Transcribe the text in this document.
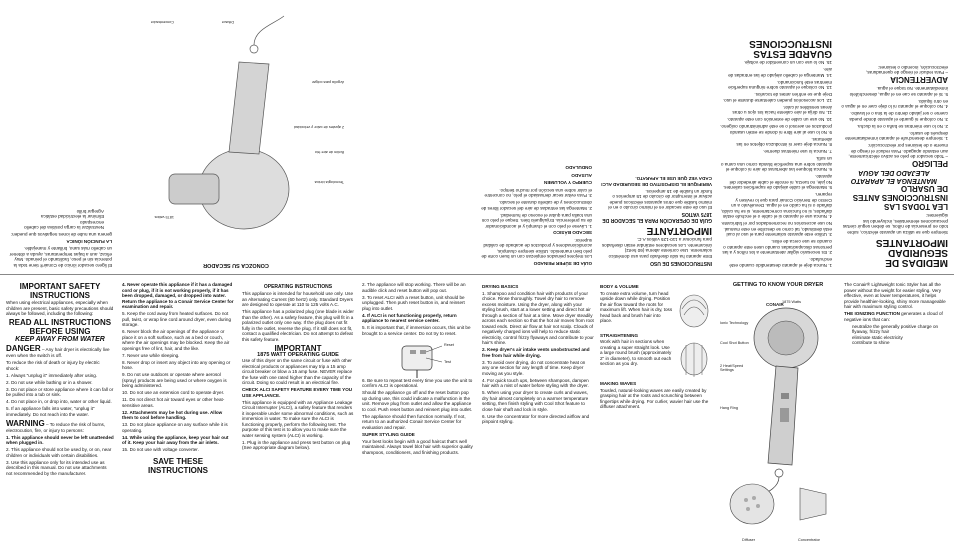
MEDIDAS DE SEGURIDAD IMPORTANTES

Siempre que se utiliza un aparato eléctrico, sobre todo en presencia de niños, se deben seguir ciertas precauciones elementales, incluyendo las siguientes:

LEA TODAS LAS INSTRUCCIONES ANTES DE USARLO
MANTENGA EL APARATO ALEJADO DEL AGUA
PELIGRO

– Todo secador de pelo es activo eléctricamente, aun estando apagado. Para reducir el riesgo de muerte o de lesiones por electrocución:

1. Siempre desenchufe el aparato inmediatamente después de usarlo.

2. No lo use mientras se baña o en la ducha.

3. No coloque ni guarde el aparato donde pueda caerse o ser jalado dentro de la tina o el lavabo.

4. No coloque el aparato ni lo deje caer en el agua o en otro líquido.

5. Si el aparato se cae en el agua, desenchúfelo inmediatamente. No toque el agua.

ADVERTENCIA

– Para reducir el riesgo de quemaduras, electrocución, incendio o lesiones:

1. Nunca deje el aparato desatendido cuando esté enchufado.

2. Es necesario vigilar atentamente a los niños y a las personas discapacitadas cuando usen este aparato o cuando se use cerca de ellos.

3. Utilice este aparato solamente para el uso al cual está destinado, tal como se describe en este manual. No use accesorios no recomendados por el fabricante.

4. Nunca use el aparato si el cable o el enchufe están dañados, si no funciona correctamente, si se ha caído, dañado o si ha caído en el agua. Devuélvalo a un Centro de Servicio Conair para que lo revisen y reparen.

5. Mantenga el cable alejado de superficies calientes. No jale, no tuerza, ni enrolle el cable alrededor del aparato.

6. Nunca bloquee las aberturas de aire ni coloque el aparato sobre una superficie blanda como una cama o un sofá.

7. Nunca lo use mientras duerme.

8. Nunca deje caer ni introduzca objetos en las aberturas.

9. No lo use al aire libre ni donde se estén usando productos en aerosol o se esté administrando oxígeno.

10. No use un cable de extensión con este aparato.

11. No dirija el aire caliente hacia los ojos u otras áreas sensibles al calor.

12. Los accesorios pueden calentarse durante el uso. Deje que se enfríen antes de tocarlos.

13. No coloque el aparato sobre ninguna superficie mientras esté funcionando.

14. Mantenga el cabello alejado de las entradas de aire.

15. No lo use con un convertidor de voltaje.

GUARDE ESTAS INSTRUCCIONES
INSTRUCCIONES DE USO

Este aparato ha sido diseñado para uso doméstico solamente. Use corriente alterna (60 hertz) únicamente. Los secadores estándar están diseñados para funcionar a 110-125 voltios A.C.

IMPORTANTE
GUÍA DE OPERACIÓN PARA EL SECADOR DE 1875 VATIOS

El uso de este secador en el mismo circuito o en el mismo fusible que otros aparatos eléctricos puede activar el interruptor de circuito de 15 amperios o fundir un fusible de 15 amperios.

VERIFIQUE EL DISPOSITIVO DE SEGURIDAD ALCI CADA VEZ QUE USE EL APARATO.

GUÍA DE SÚPER PEINADO

Los mejores peinados empiezan con un buen corte de pelo bien mantenido. Utilice siempre champús, acondicionadores y productos de acabado de calidad superior.

SECADO BÁSICO

1. Lávese el pelo con el champú y el acondicionador de su preferencia. Enjuáguelo bien. Seque el pelo con una toalla para quitar el exceso de humedad.

2. Mantenga las entradas de aire del secador libres de obstrucciones y de cabello durante el secado.

3. Para evitar secar demasiado el pelo, no concentre el calor sobre una sección por mucho tiempo.

CUERPO Y VOLUMEN
ALISADO
ONDULADO
CONOZCA SU SECADOR
1875 vatios
Tecnología iónica
Botón de aire frío
2 ajustes de calor y velocidad
Argolla para colgar
Difusor
Concentrador

El ligero secador iónico de Conair® tiene toda la potencia sin el peso, facilitando el peinado. Muy eficaz, aun a bajas temperaturas, ayuda a obtener un cabello más sano, brillante y manejable.

LA FUNCIÓN IÓNICA

genera una nube de iones negativos que pueden:

• Neutralizar la carga positiva del cabello encrespado
• Eliminar la electricidad estática
• Agregar brillo
IMPORTANT SAFETY INSTRUCTIONS

When using electrical appliances, especially when children are present, basic safety precautions should always be followed, including the following:

READ ALL INSTRUCTIONS BEFORE USING
KEEP AWAY FROM WATER

DANGER – Any hair dryer is electrically live even when the switch is off.

To reduce the risk of death or injury by electric shock:

1. Always "unplug it" immediately after using.

2. Do not use while bathing or in a shower.

3. Do not place or store appliance where it can fall or be pulled into a tub or sink.

4. Do not place in, or drop into, water or other liquid.

5. If an appliance falls into water, "unplug it" immediately. Do not reach into the water.

WARNING – To reduce the risk of burns, electrocution, fire, or injury to persons:

1. This appliance should never be left unattended when plugged in.

2. This appliance should not be used by, or on, near children or individuals with certain disabilities.

3. Use this appliance only for its intended use as described in this manual. Do not use attachments not recommended by the manufacturer.

4. Never operate this appliance if it has a damaged cord or plug, if it is not working properly, if it has been dropped, damaged, or dropped into water. Return the appliance to a Conair Service Center for examination and repair.

5. Keep the cord away from heated surfaces. Do not pull, twist, or wrap line cord around dryer, even during storage.

6. Never block the air openings of the appliance or place it on a soft surface, such as a bed or couch, where the air openings may be blocked. Keep the air openings free of lint, hair, and the like.

7. Never use while sleeping.

8. Never drop or insert any object into any opening or hose.

9. Do not use outdoors or operate where aerosol (spray) products are being used or where oxygen is being administered.

10. Do not use an extension cord to operate dryer.

11. Do not direct hot air toward eyes or other heat-sensitive areas.

12. Attachments may be hot during use. Allow them to cool before handling.

13. Do not place appliance on any surface while it is operating.

14. While using the appliance, keep your hair out of it. Keep your hair away from the air inlets.

15. Do not use with voltage converter.

SAVE THESE INSTRUCTIONS
OPERATING INSTRUCTIONS

This appliance is intended for household use only. Use an Alternating Current (60 hertz) only. Standard Dryers are designed to operate at 110 to 125 volts A.C.

This appliance has a polarized plug (one blade is wider than the other). As a safety feature, this plug will fit in a polarized outlet only one way. If the plug does not fit fully in the outlet, reverse the plug. If it still does not fit, contact a qualified electrician. Do not attempt to defeat this safety feature.

IMPORTANT
1875 WATT OPERATING GUIDE

Use of this dryer on the same circuit or fuse with other electrical products or appliances may trip a 15 amp circuit breaker or blow a 15 amp fuse. NEVER replace the fuse with one rated higher than the capacity of the circuit. Doing so could result in an electrical fire.

CHECK ALCI SAFETY FEATURE EVERY TIME YOU USE APPLIANCE.

This appliance is equipped with an Appliance Leakage Circuit Interrupter (ALCI), a safety feature that renders it inoperable under some abnormal conditions, such as immersion in water. To make sure the ALCI is functioning properly, perform the following test. The purpose of this test is to allow you to make sure the water sensing system (ALCI) is working.

1. Plug in the appliance and press test button on plug (See appropriate diagram below).

2. The appliance will stop working. There will be an audible click and reset button will pop out.

3. To reset ALCI with a reset button, unit should be unplugged. Then push reset button in, and reinsert plug into outlet.

4. If ALCI is not functioning properly, return appliance to nearest service center.

5. It is important that, if immersion occurs, this unit be brought to a service center. Do not try to reset.

Reset
Test

6. Be sure to repeat test every time you use the unit to confirm ALCI is operational.

Should the appliance go off and the reset button pop up during use, this could indicate a malfunction in the unit. Remove plug from outlet and allow the appliance to cool. Push reset button and reinsert plug into outlet.

The appliance should then function normally. If not, return to an authorized Conair Service Center for evaluation and repair.

SUPER STYLING GUIDE

Your best looks begin with a good haircut that's well maintained. Always towel blot hair with superior quality shampoos, conditioners, and finishing products.

DRYING BASICS

1. Shampoo and condition hair with products of your choice. Rinse thoroughly. Towel dry hair to remove excess moisture. Using the dryer, along with your styling brush, start at a lower setting and direct hot air through a section of hair at a time. Move dryer steadily across each section so that the hot air moves from root toward ends. Direct air flow at hair not scalp. Clouds of negatively charged ions will help to reduce static electricity, control frizzy flyaways and contribute to your hair's shine.

2. Keep dryer's air intake vents unobstructed and free from hair while drying.

3. To avoid over drying, do not concentrate heat on any one section for any length of time. Keep dryer moving as you style.

4. For quick touch ups, between shampoos, dampen hair with a mist of water before styling with the dryer.

5. When using your dryer to create curls and waves, dry hair almost completely on a warmer temperature setting, then finish styling with Cool Shot feature to close hair shaft and lock in style.

6. Use the concentrator for more directed airflow and pinpoint styling.

BODY & VOLUME

To create extra volume, turn head upside down while drying. Position the air flow toward the roots for maximum lift. When hair is dry, toss head back and brush hair into place.

STRAIGHTENING

Work with hair in sections when creating a super straight look. Use a large round brush (approximately 2" in diameter), to smooth out each section as you dry.

MAKING WAVES

Tousled, natural-looking waves are easily created by grasping hair at the roots and scrunching between fingertips while drying. For curlier, wavier hair use the diffuser attachment.

GETTING TO KNOW YOUR DRYER
CONAIR
1875 Watts
Ionic Technology
Cool Shot Button
2 Heat/Speed Settings
Hang Ring
Diffuser	Concentrator

The Conair® Lightweight Ionic Styler has all the power without the weight for easier styling. Very effective, even at lower temperatures, it helps provide healthier-looking, shiny more manageable hair with maximum styling control.

THE IONIZING FUNCTION generates a cloud of negative ions that can:

• neutralize the generally positive charge on flyaway, frizzy hair
• eliminate static electricity
• contribute to shine
